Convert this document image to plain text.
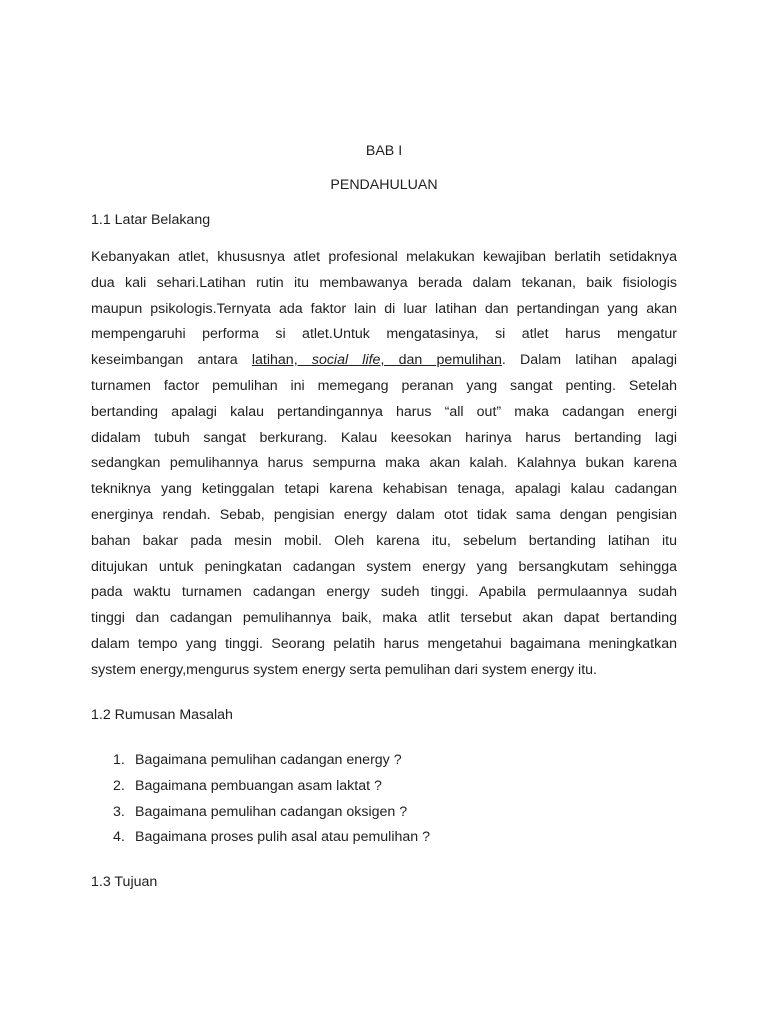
BAB I
PENDAHULUAN
1.1 Latar Belakang
Kebanyakan atlet, khususnya atlet profesional melakukan kewajiban berlatih setidaknya
dua kali sehari.Latihan rutin itu membawanya berada dalam tekanan, baik fisiologis
maupun psikologis.Ternyata ada faktor lain di luar latihan dan pertandingan yang akan
mempengaruhi performa si atlet.Untuk mengatasinya, si atlet harus mengatur
keseimbangan antara latihan, social life, dan pemulihan. Dalam latihan apalagi
turnamen factor pemulihan ini memegang peranan yang sangat penting. Setelah
bertanding apalagi kalau pertandingannya harus “all out” maka cadangan energi
didalam tubuh sangat berkurang. Kalau keesokan harinya harus bertanding lagi
sedangkan pemulihannya harus sempurna maka akan kalah. Kalahnya bukan karena
tekniknya yang ketinggalan tetapi karena kehabisan tenaga, apalagi kalau cadangan
energinya rendah. Sebab, pengisian energy dalam otot tidak sama dengan pengisian
bahan bakar pada mesin mobil. Oleh karena itu, sebelum bertanding latihan itu
ditujukan untuk peningkatan cadangan system energy yang bersangkutam sehingga
pada waktu turnamen cadangan energy sudeh tinggi. Apabila permulaannya sudah
tinggi dan cadangan pemulihannya baik, maka atlit tersebut akan dapat bertanding
dalam tempo yang tinggi. Seorang pelatih harus mengetahui bagaimana meningkatkan
system energy,mengurus system energy serta pemulihan dari system energy itu.
1.2 Rumusan Masalah
1. Bagaimana pemulihan cadangan energy ?
2. Bagaimana pembuangan asam laktat ?
3. Bagaimana pemulihan cadangan oksigen ?
4. Bagaimana proses pulih asal atau pemulihan ?
1.3 Tujuan
